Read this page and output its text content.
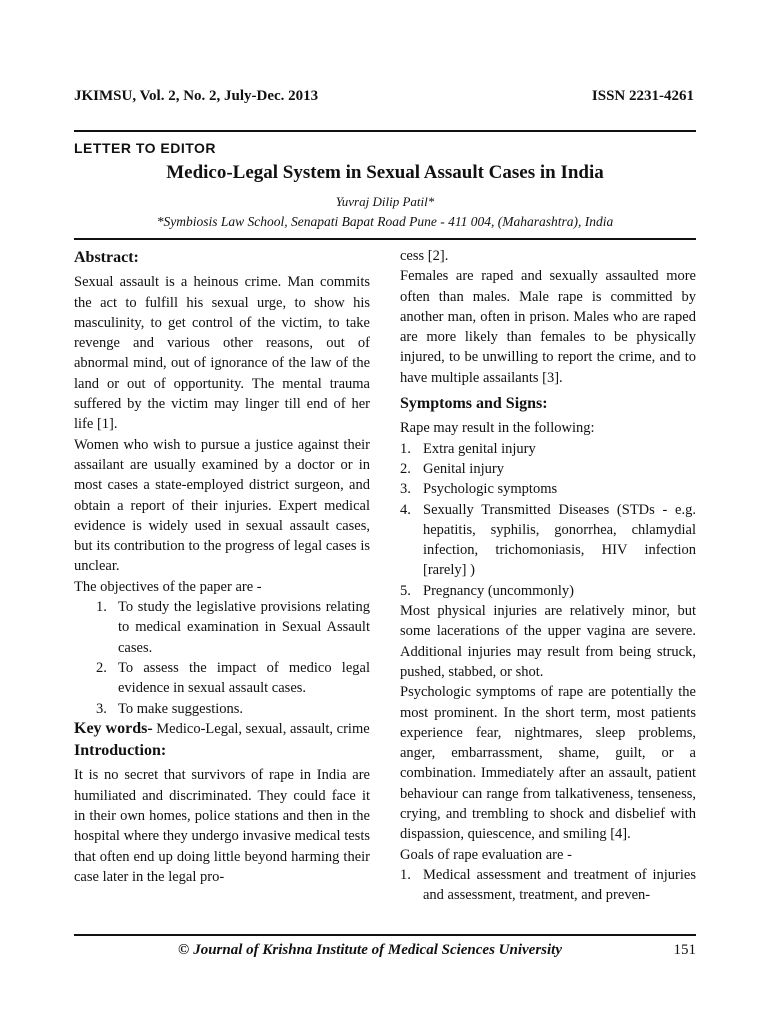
JKIMSU, Vol. 2, No. 2, July-Dec. 2013	ISSN 2231-4261
LETTER TO EDITOR
Medico-Legal System in Sexual Assault Cases in India
Yuvraj Dilip Patil*
*Symbiosis Law School, Senapati Bapat Road Pune - 411 004, (Maharashtra), India
Abstract:

Sexual assault is a heinous crime. Man commits the act to fulfill his sexual urge, to show his masculinity, to get control of the victim, to take revenge and various other reasons, out of abnormal mind, out of ignorance of the law of the land or out of opportunity. The mental trauma suffered by the victim may linger till end of her life [1].

Women who wish to pursue a justice against their assailant are usually examined by a doctor or in most cases a state-employed district surgeon, and obtain a report of their injuries. Expert medical evidence is widely used in sexual assault cases, but its contribution to the progress of legal cases is unclear.

The objectives of the paper are -

1. To study the legislative provisions relating to medical examination in Sexual Assault cases.
2. To assess the impact of medico legal evidence in sexual assault cases.
3. To make suggestions.

Key words- Medico-Legal, sexual, assault, crime

Introduction:

It is no secret that survivors of rape in India are humiliated and discriminated. They could face it in their own homes, police stations and then in the hospital where they undergo invasive medical tests that often end up doing little beyond harming their case later in the legal pro-

cess [2].

Females are raped and sexually assaulted more often than males. Male rape is committed by another man, often in prison. Males who are raped are more likely than females to be physically injured, to be unwilling to report the crime, and to have multiple assailants [3].

Symptoms and Signs:

Rape may result in the following:

1. Extra genital injury
2. Genital injury
3. Psychologic symptoms
4. Sexually Transmitted Diseases (STDs - e.g. hepatitis, syphilis, gonorrhea, chlamydial infection, trichomoniasis, HIV infection [rarely] )
5. Pregnancy (uncommonly)

Most physical injuries are relatively minor, but some lacerations of the upper vagina are severe. Additional injuries may result from being struck, pushed, stabbed, or shot.

Psychologic symptoms of rape are potentially the most prominent. In the short term, most patients experience fear, nightmares, sleep problems, anger, embarrassment, shame, guilt, or a combination. Immediately after an assault, patient behaviour can range from talkativeness, tenseness, crying, and trembling to shock and disbelief with dispassion, quiescence, and smiling [4].

Goals of rape evaluation are -

1. Medical assessment and treatment of injuries and assessment, treatment, and preven-
© Journal of Krishna Institute of Medical Sciences University	151
